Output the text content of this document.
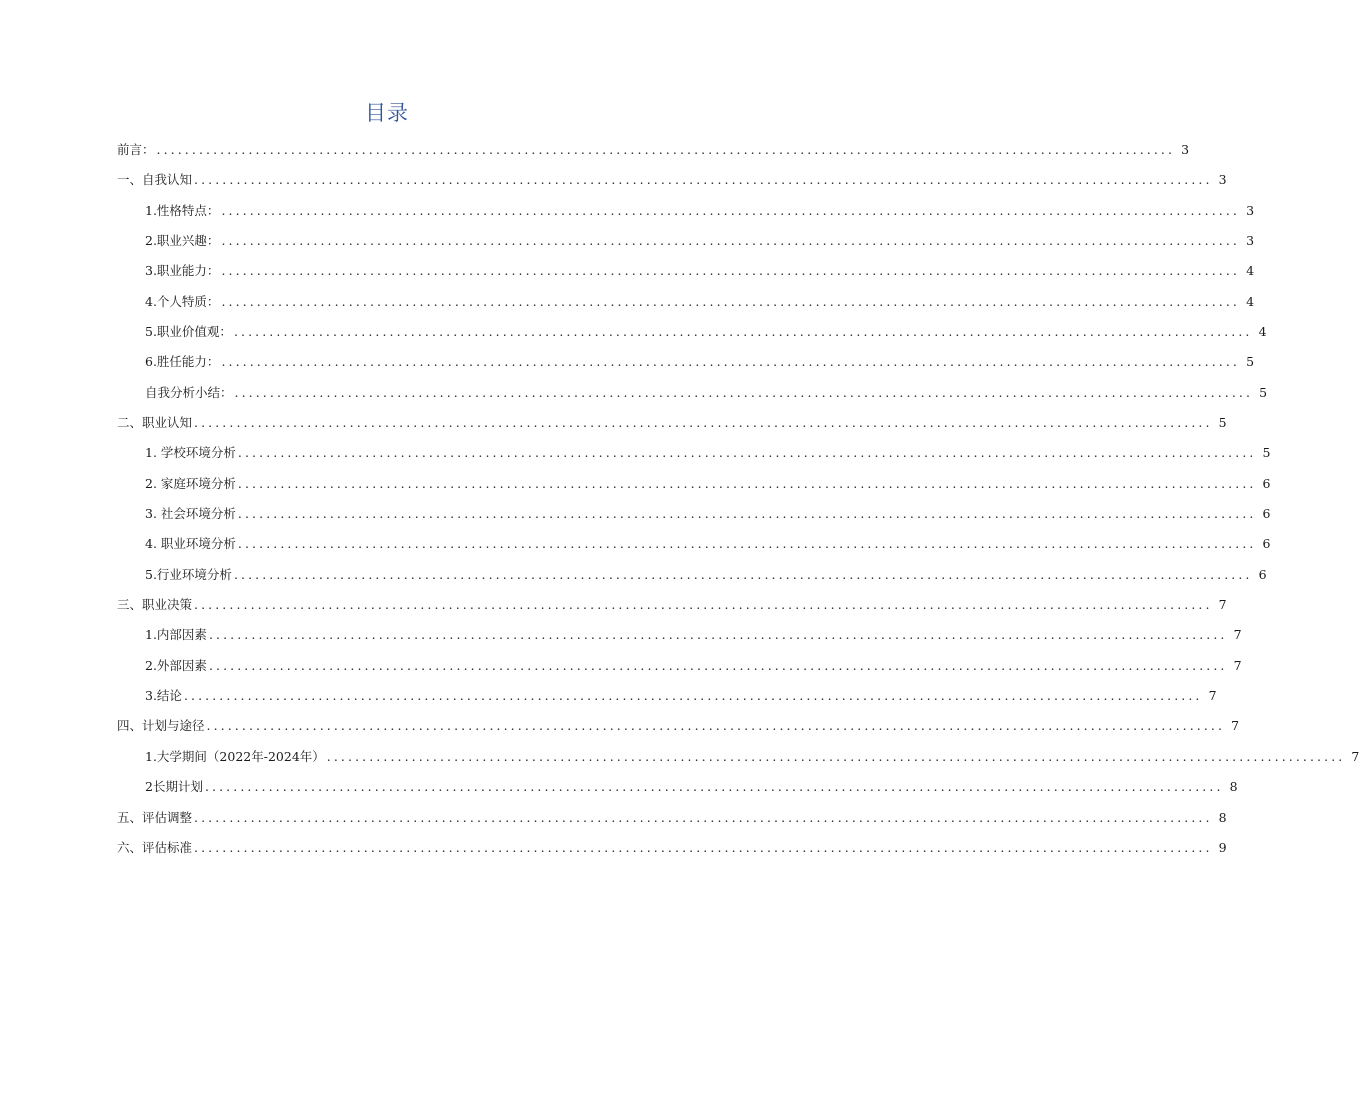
目录
前言： ................................................................................................................................................ 3
一、自我认知 ................................................................................................................................................ 3
1.性格特点： ................................................................................................................................................ 3
2.职业兴趣： ................................................................................................................................................ 3
3.职业能力： ................................................................................................................................................ 4
4.个人特质： ................................................................................................................................................ 4
5.职业价值观： ................................................................................................................................................ 4
6.胜任能力： ................................................................................................................................................ 5
自我分析小结： ................................................................................................................................................ 5
二、职业认知 ................................................................................................................................................ 5
1. 学校环境分析 ................................................................................................................................................ 5
2. 家庭环境分析 ................................................................................................................................................ 6
3. 社会环境分析 ................................................................................................................................................ 6
4. 职业环境分析 ................................................................................................................................................ 6
5.行业环境分析 ................................................................................................................................................ 6
三、职业决策 ................................................................................................................................................ 7
1.内部因素 ................................................................................................................................................ 7
2.外部因素 ................................................................................................................................................ 7
3.结论 ................................................................................................................................................ 7
四、计划与途径 ................................................................................................................................................ 7
1.大学期间（2022年-2024年） ................................................................................................................................................ 7
2长期计划 ................................................................................................................................................ 8
五、评估调整 ................................................................................................................................................ 8
六、评估标准 ................................................................................................................................................ 9
